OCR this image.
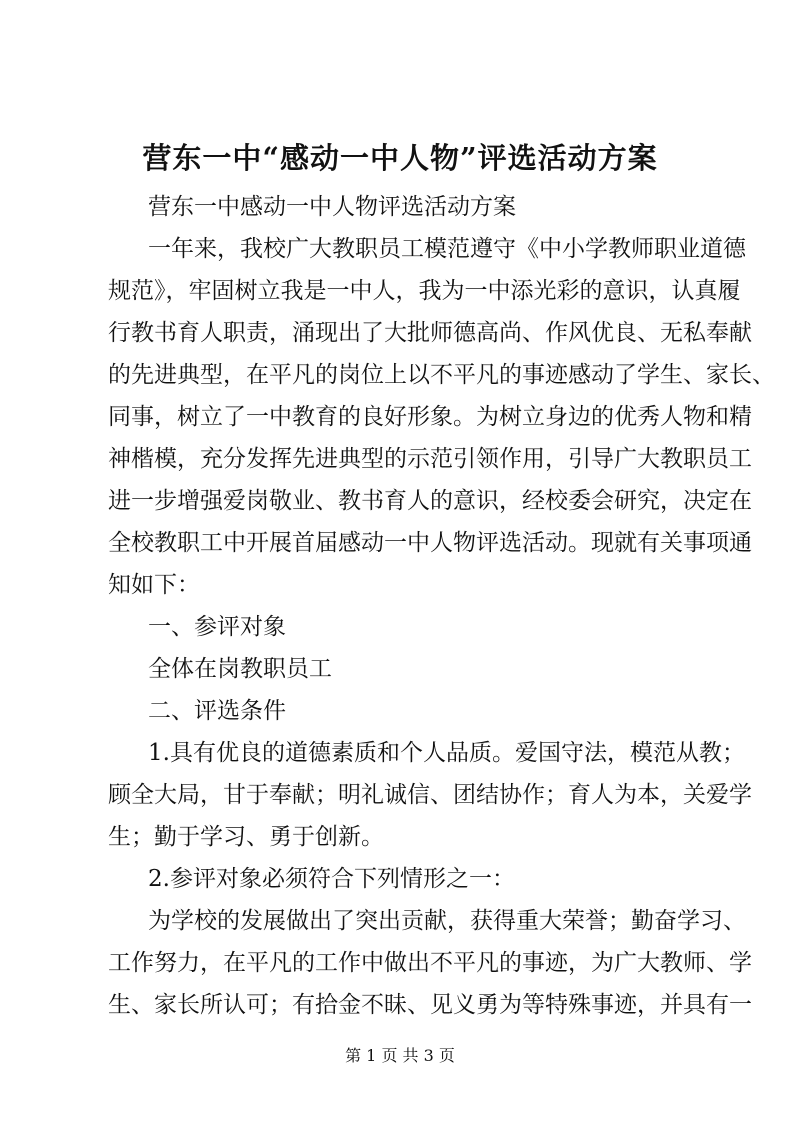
营东一中“感动一中人物”评选活动方案
营东一中感动一中人物评选活动方案
一年来，我校广大教职员工模范遵守《中小学教师职业道德
规范》，牢固树立我是一中人，我为一中添光彩的意识，认真履
行教书育人职责，涌现出了大批师德高尚、作风优良、无私奉献
的先进典型，在平凡的岗位上以不平凡的事迹感动了学生、家长、
同事，树立了一中教育的良好形象。为树立身边的优秀人物和精
神楷模，充分发挥先进典型的示范引领作用，引导广大教职员工
进一步增强爱岗敬业、教书育人的意识，经校委会研究，决定在
全校教职工中开展首届感动一中人物评选活动。现就有关事项通
知如下：
一、参评对象
全体在岗教职员工
二、评选条件
1.具有优良的道德素质和个人品质。爱国守法，模范从教；
顾全大局，甘于奉献；明礼诚信、团结协作；育人为本，关爱学
生；勤于学习、勇于创新。
2.参评对象必须符合下列情形之一：
为学校的发展做出了突出贡献，获得重大荣誉；勤奋学习、
工作努力，在平凡的工作中做出不平凡的事迹，为广大教师、学
生、家长所认可；有拾金不昧、见义勇为等特殊事迹，并具有一
第 1 页 共 3 页
